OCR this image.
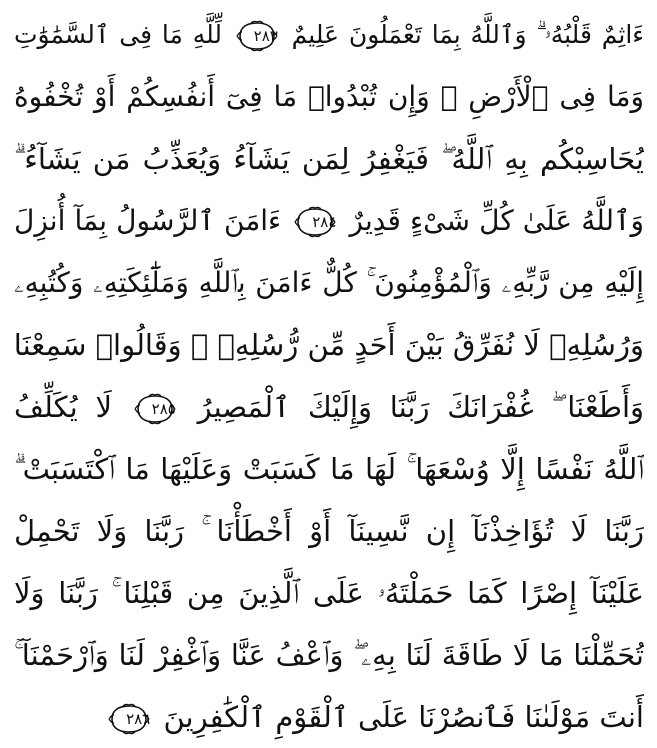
ءَاثِمٌ قَلْبُهُۥ ۗ وَٱللَّهُ بِمَا تَعْمَلُونَ عَلِيمٌ
٢٨٣
لِّلَّهِ مَا فِى ٱلسَّمَٰوَٰتِ
وَمَا فِى ٱلْأَرْضِ ۗ وَإِن تُبْدُوا۟ مَا فِىٓ أَنفُسِكُمْ أَوْ تُخْفُوهُ
يُحَاسِبْكُم بِهِ ٱللَّهُ ۖ فَيَغْفِرُ لِمَن يَشَآءُ وَيُعَذِّبُ مَن يَشَآءُ ۗ
وَٱللَّهُ عَلَىٰ كُلِّ شَىْءٍ قَدِيرٌ
٢٨٤
ءَامَنَ ٱلرَّسُولُ بِمَآ أُنزِلَ
إِلَيْهِ مِن رَّبِّهِۦ وَٱلْمُؤْمِنُونَ ۚ كُلٌّ ءَامَنَ بِٱللَّهِ وَمَلَٰٓئِكَتِهِۦ وَكُتُبِهِۦ
وَرُسُلِهِۦ لَا نُفَرِّقُ بَيْنَ أَحَدٍ مِّن رُّسُلِهِۦ ۚ وَقَالُوا۟ سَمِعْنَا
وَأَطَعْنَا ۖ غُفْرَانَكَ رَبَّنَا وَإِلَيْكَ ٱلْمَصِيرُ
٢٨٥
لَا يُكَلِّفُ
ٱللَّهُ نَفْسًا إِلَّا وُسْعَهَا ۚ لَهَا مَا كَسَبَتْ وَعَلَيْهَا مَا ٱكْتَسَبَتْ ۗ
رَبَّنَا لَا تُؤَاخِذْنَآ إِن نَّسِينَآ أَوْ أَخْطَأْنَا ۚ رَبَّنَا وَلَا تَحْمِلْ
عَلَيْنَآ إِصْرًا كَمَا حَمَلْتَهُۥ عَلَى ٱلَّذِينَ مِن قَبْلِنَا ۚ رَبَّنَا وَلَا
تُحَمِّلْنَا مَا لَا طَاقَةَ لَنَا بِهِۦ ۖ وَٱعْفُ عَنَّا وَٱغْفِرْ لَنَا وَٱرْحَمْنَآ ۚ
أَنتَ مَوْلَىٰنَا فَٱنصُرْنَا عَلَى ٱلْقَوْمِ ٱلْكَٰفِرِينَ
٢٨٦
